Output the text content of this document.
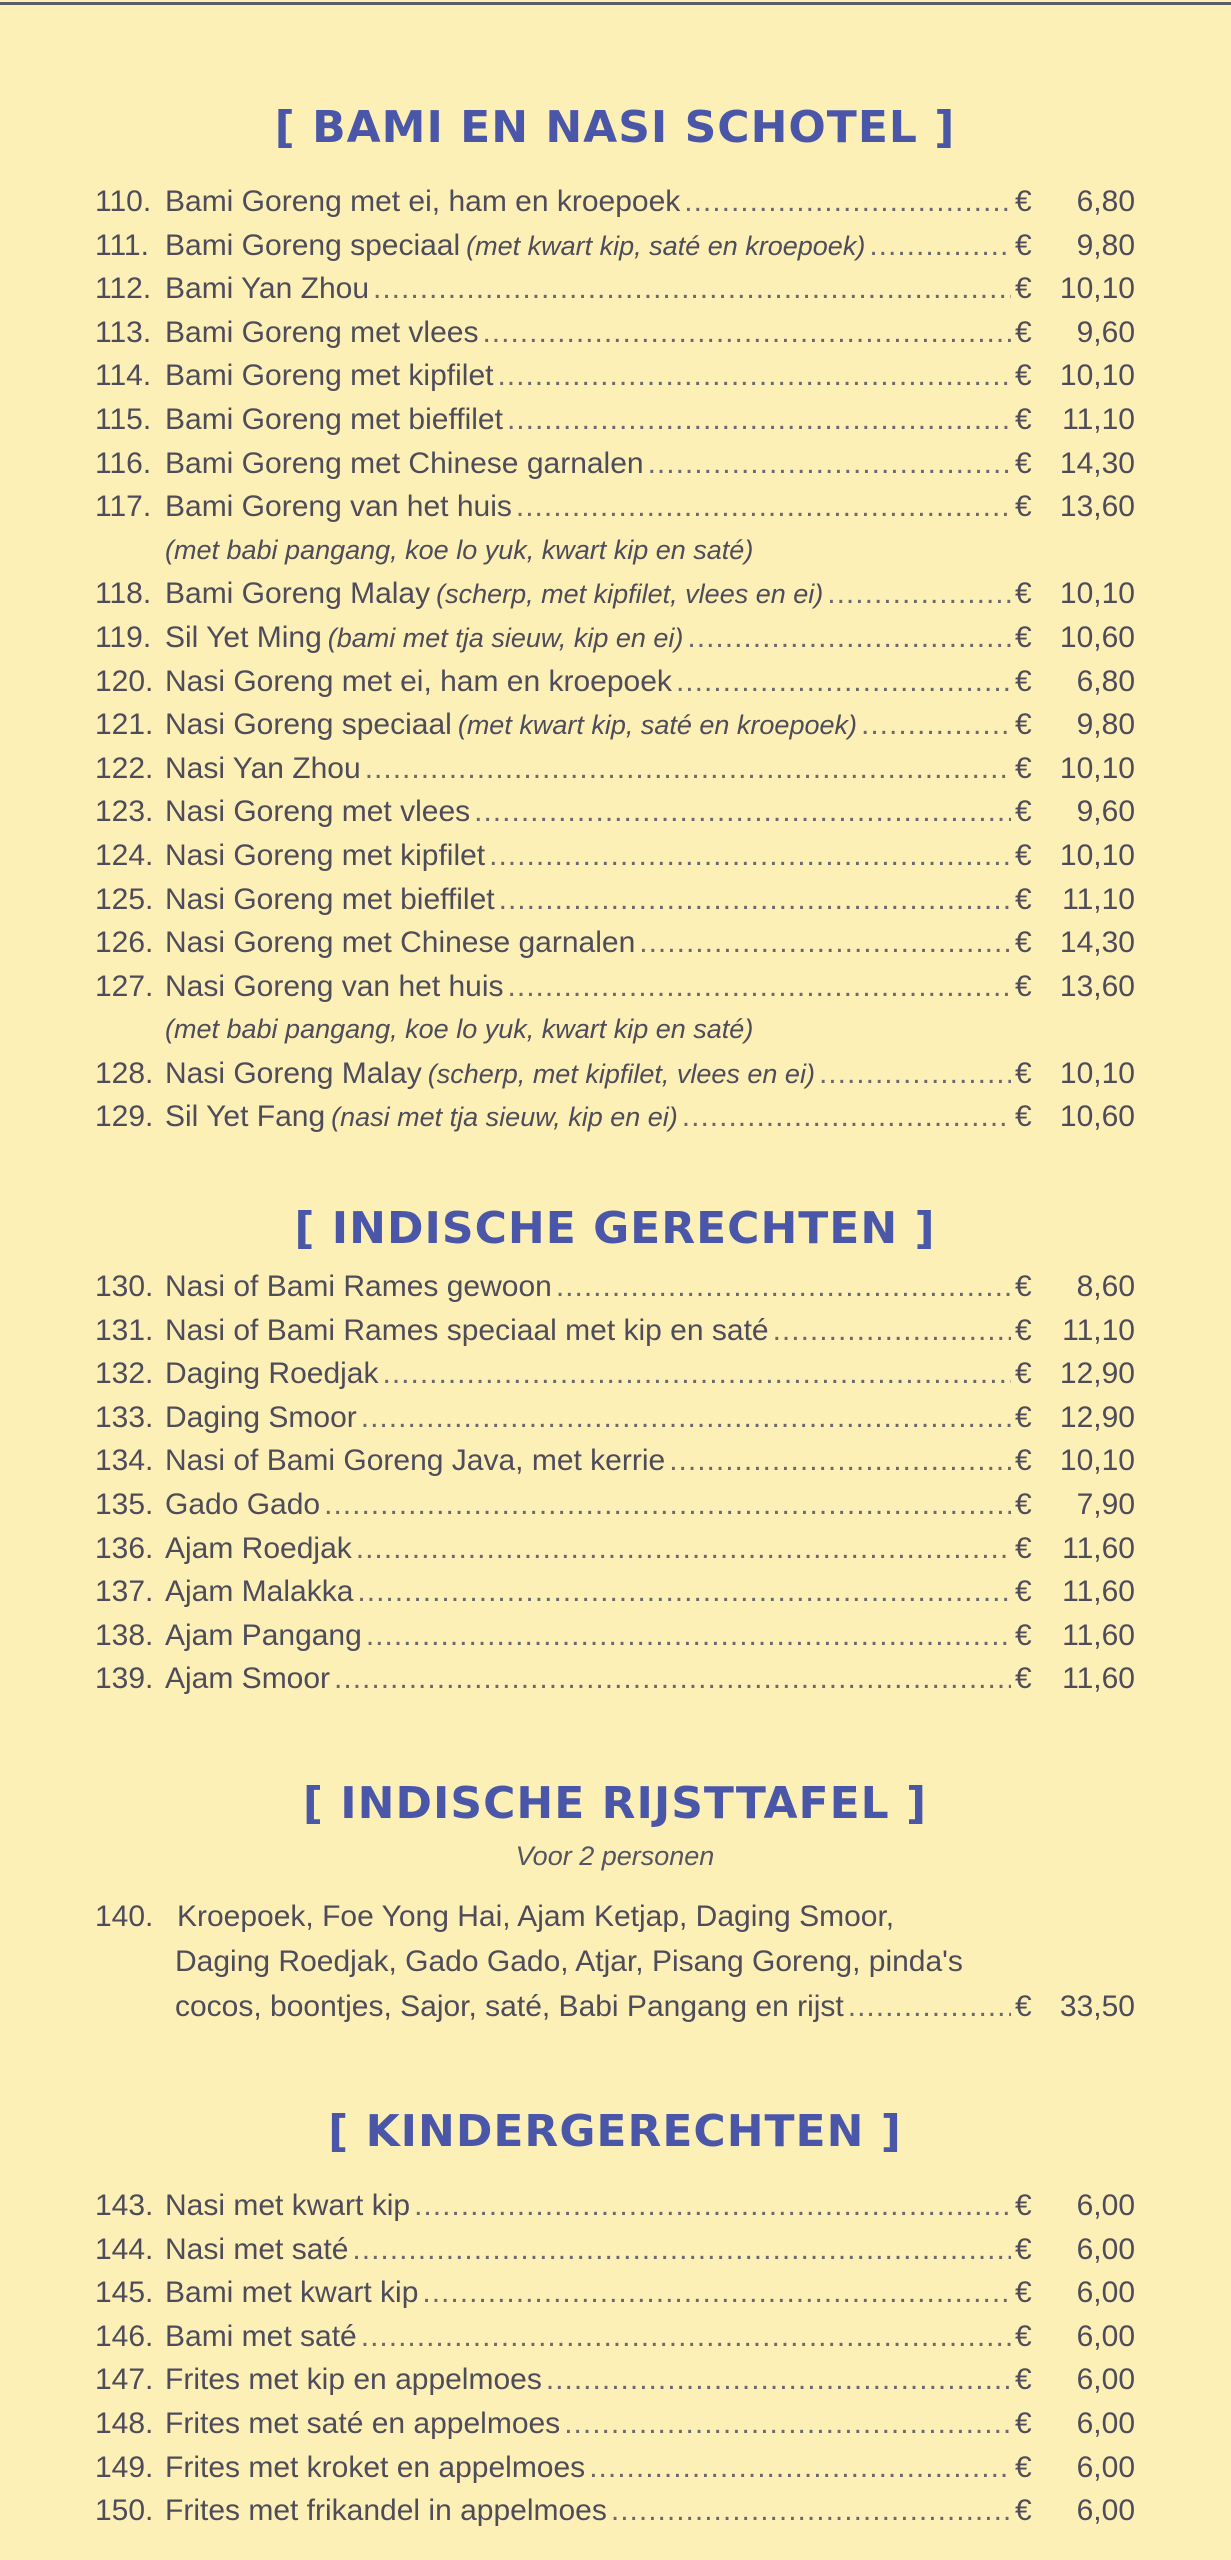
[ BAMI EN NASI SCHOTEL ]
110. Bami Goreng met ei, ham en kroepoek .....	€	6,80
111. Bami Goreng speciaal (met kwart kip, saté en kroepoek) .....	€	9,80
112. Bami Yan Zhou .....	€ 10,10
113. Bami Goreng met vlees .....	€	9,60
114. Bami Goreng met kipfilet .....	€ 10,10
115. Bami Goreng met bieffilet .....	€	11,10
116. Bami Goreng met Chinese garnalen .....	€ 14,30
117. Bami Goreng van het huis .....	€ 13,60
(met babi pangang, koe lo yuk, kwart kip en saté)
118. Bami Goreng Malay (scherp, met kipfilet, vlees en ei) .....	€ 10,10
119. Sil Yet Ming (bami met tja sieuw, kip en ei) .....	€ 10,60
120. Nasi Goreng met ei, ham en kroepoek .....	€	6,80
121. Nasi Goreng speciaal (met kwart kip, saté en kroepoek) .....	€	9,80
122. Nasi Yan Zhou .....	€ 10,10
123. Nasi Goreng met vlees .....	€	9,60
124. Nasi Goreng met kipfilet .....	€ 10,10
125. Nasi Goreng met bieffilet .....	€	11,10
126. Nasi Goreng met Chinese garnalen .....	€ 14,30
127. Nasi Goreng van het huis .....	€ 13,60
(met babi pangang, koe lo yuk, kwart kip en saté)
128. Nasi Goreng Malay (scherp, met kipfilet, vlees en ei) .....	€ 10,10
129. Sil Yet Fang (nasi met tja sieuw, kip en ei) .....	€ 10,60
[ INDISCHE GERECHTEN ]
130. Nasi of Bami Rames gewoon .....	€	8,60
131. Nasi of Bami Rames speciaal met kip en saté .....	€	11,10
132. Daging Roedjak .....	€ 12,90
133. Daging Smoor .....	€ 12,90
134. Nasi of Bami Goreng Java, met kerrie .....	€ 10,10
135. Gado Gado .....	€	7,90
136. Ajam Roedjak .....	€	11,60
137. Ajam Malakka .....	€	11,60
138. Ajam Pangang .....	€	11,60
139. Ajam Smoor .....	€	11,60
[ INDISCHE RIJSTTAFEL ]
Voor 2 personen
140. Kroepoek, Foe Yong Hai, Ajam Ketjap, Daging Smoor,
Daging Roedjak, Gado Gado, Atjar, Pisang Goreng, pinda's
cocos, boontjes, Sajor, saté, Babi Pangang en rijst .....	€ 33,50
[ KINDERGERECHTEN ]
143. Nasi met kwart kip .....	€	6,00
144. Nasi met saté .....	€	6,00
145. Bami met kwart kip .....	€	6,00
146. Bami met saté .....	€	6,00
147. Frites met kip en appelmoes .....	€	6,00
148. Frites met saté en appelmoes .....	€	6,00
149. Frites met kroket en appelmoes .....	€	6,00
150. Frites met frikandel in appelmoes .....	€	6,00
